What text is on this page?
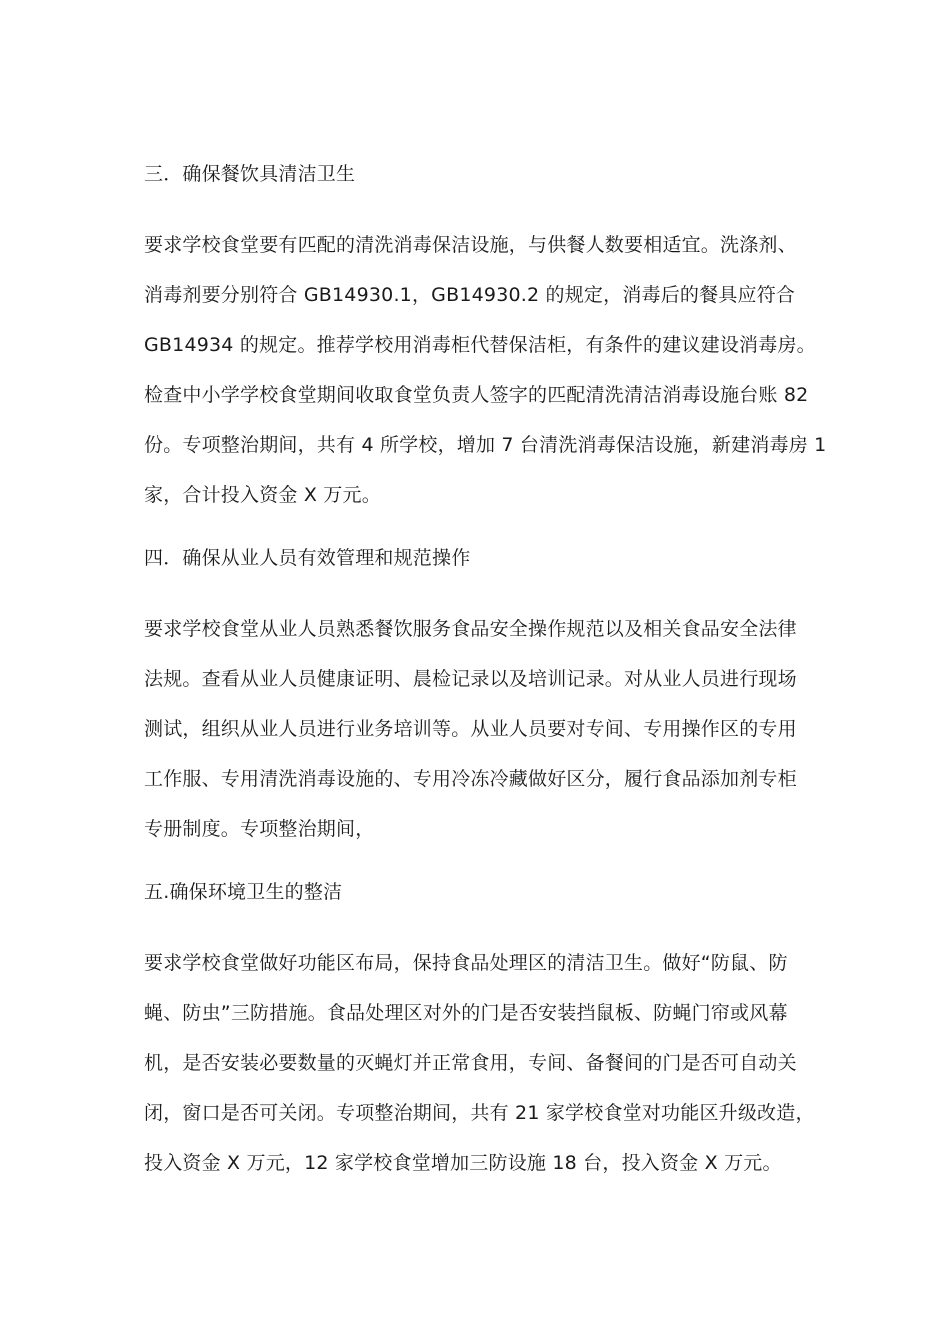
三．确保餐饮具清洁卫生
要求学校食堂要有匹配的清洗消毒保洁设施，与供餐人数要相适宜。洗涤剂、
消毒剂要分别符合 GB14930.1，GB14930.2 的规定，消毒后的餐具应符合
GB14934 的规定。推荐学校用消毒柜代替保洁柜，有条件的建议建设消毒房。
检查中小学学校食堂期间收取食堂负责人签字的匹配清洗清洁消毒设施台账 82
份。专项整治期间，共有 4 所学校，增加 7 台清洗消毒保洁设施，新建消毒房 1
家，合计投入资金 X 万元。
四．确保从业人员有效管理和规范操作
要求学校食堂从业人员熟悉餐饮服务食品安全操作规范以及相关食品安全法律
法规。查看从业人员健康证明、晨检记录以及培训记录。对从业人员进行现场
测试，组织从业人员进行业务培训等。从业人员要对专间、专用操作区的专用
工作服、专用清洗消毒设施的、专用冷冻冷藏做好区分，履行食品添加剂专柜
专册制度。专项整治期间，
五.确保环境卫生的整洁
要求学校食堂做好功能区布局，保持食品处理区的清洁卫生。做好“防鼠、防
蝇、防虫”三防措施。食品处理区对外的门是否安装挡鼠板、防蝇门帘或风幕
机，是否安装必要数量的灭蝇灯并正常食用，专间、备餐间的门是否可自动关
闭，窗口是否可关闭。专项整治期间，共有 21 家学校食堂对功能区升级改造，
投入资金 X 万元，12 家学校食堂增加三防设施 18 台，投入资金 X 万元。
